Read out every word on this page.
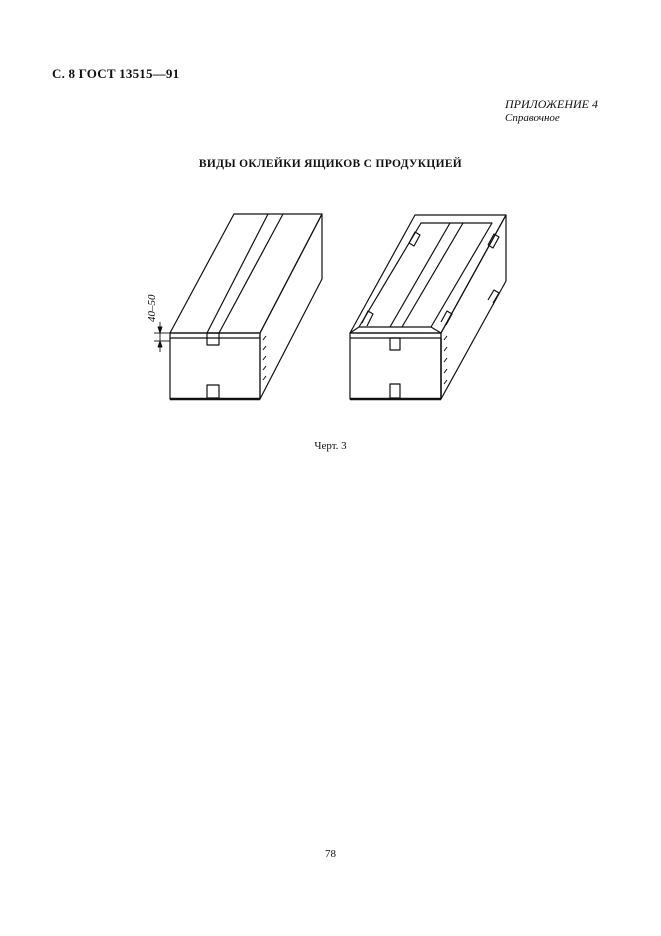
С. 8 ГОСТ 13515—91
ПРИЛОЖЕНИЕ 4
Справочное
ВИДЫ ОКЛЕЙКИ ЯЩИКОВ С ПРОДУКЦИЕЙ
40–50
Черт. 3
78
